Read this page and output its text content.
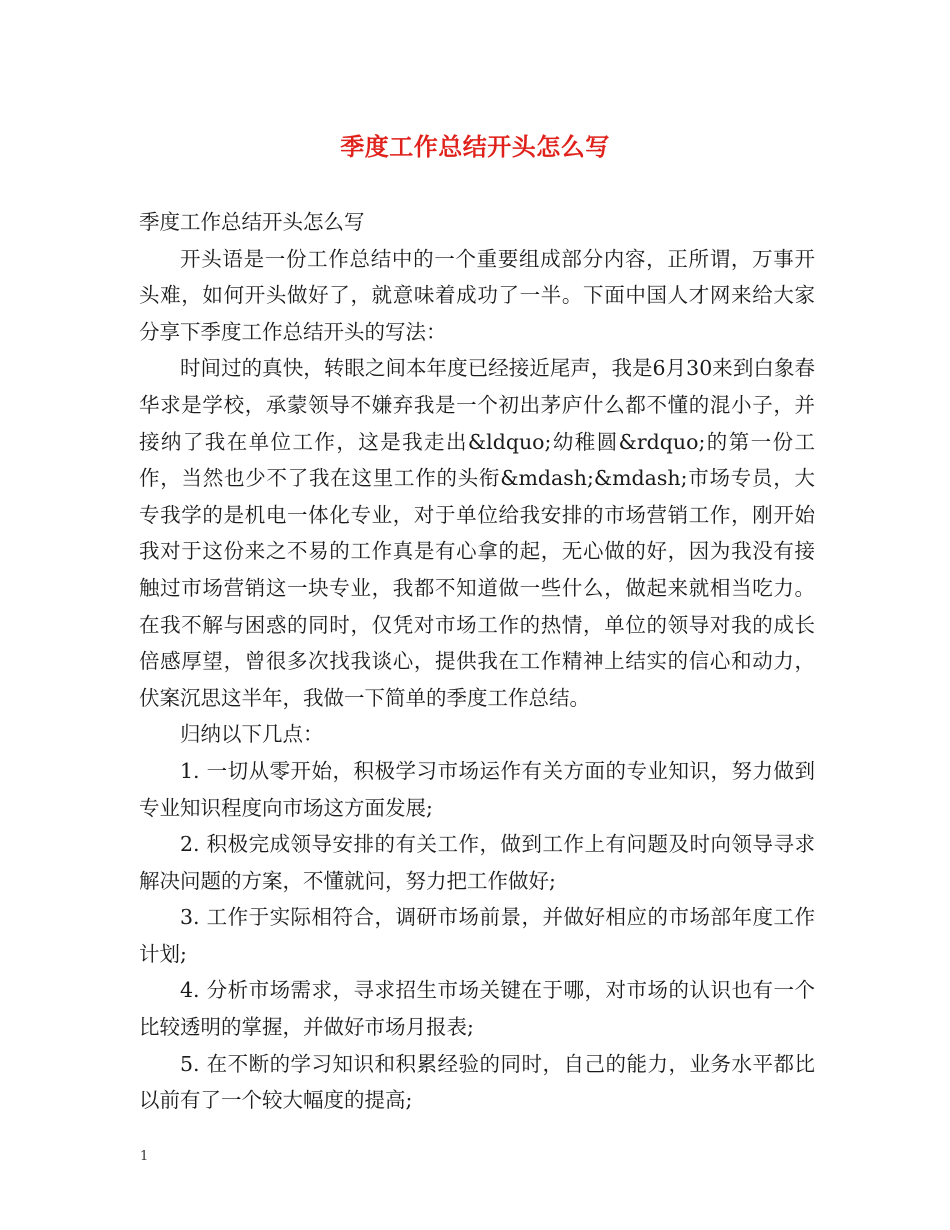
季度工作总结开头怎么写

季度工作总结开头怎么写

开头语是一份工作总结中的一个重要组成部分内容，正所谓，万事开头难，如何开头做好了，就意味着成功了一半。下面中国人才网来给大家分享下季度工作总结开头的写法：

时间过的真快，转眼之间本年度已经接近尾声，我是6月30来到白象春华求是学校，承蒙领导不嫌弃我是一个初出茅庐什么都不懂的混小子，并接纳了我在单位工作，这是我走出&ldquo;幼稚圆&rdquo;的第一份工作，当然也少不了我在这里工作的头衔&mdash;&mdash;市场专员，大专我学的是机电一体化专业，对于单位给我安排的市场营销工作，刚开始我对于这份来之不易的工作真是有心拿的起，无心做的好，因为我没有接触过市场营销这一块专业，我都不知道做一些什么，做起来就相当吃力。在我不解与困惑的同时，仅凭对市场工作的热情，单位的领导对我的成长倍感厚望，曾很多次找我谈心，提供我在工作精神上结实的信心和动力，伏案沉思这半年，我做一下简单的季度工作总结。

归纳以下几点：

1. 一切从零开始，积极学习市场运作有关方面的专业知识，努力做到专业知识程度向市场这方面发展;

2. 积极完成领导安排的有关工作，做到工作上有问题及时向领导寻求解决问题的方案，不懂就问，努力把工作做好;

3. 工作于实际相符合，调研市场前景，并做好相应的市场部年度工作计划;

4. 分析市场需求，寻求招生市场关键在于哪，对市场的认识也有一个比较透明的掌握，并做好市场月报表;

5. 在不断的学习知识和积累经验的同时，自己的能力，业务水平都比以前有了一个较大幅度的提高;

1
